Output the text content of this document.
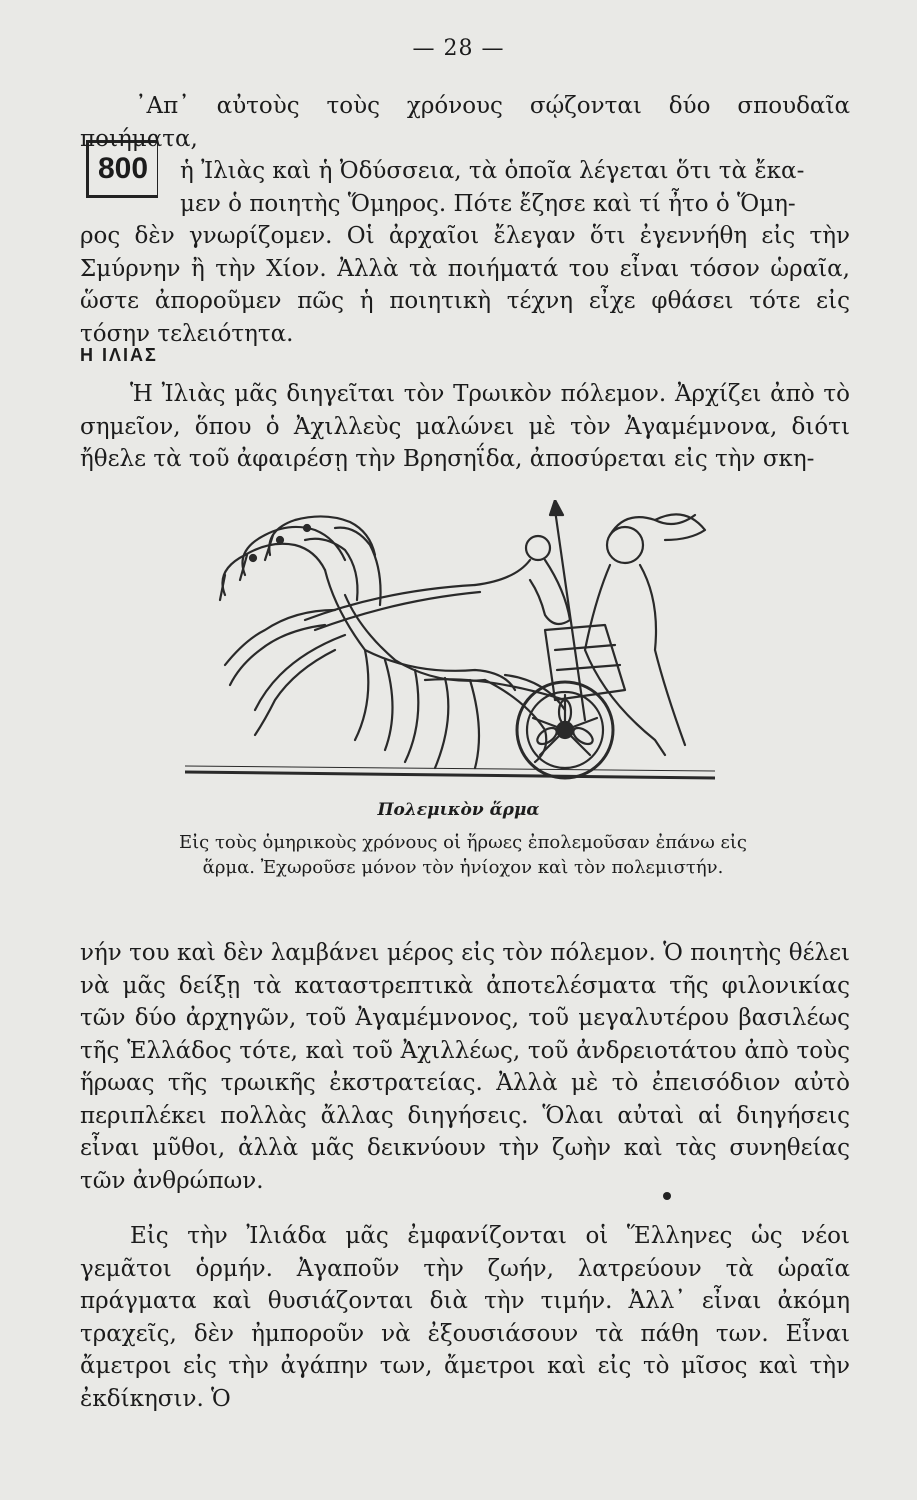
— 28 —
800

᾿Απ᾿ αὐτοὺς τοὺς χρόνους σῴζονται δύο σπουδαῖα ποιήματα,

ἡ Ἰλιὰς καὶ ἡ Ὀδύσσεια, τὰ ὁποῖα λέγεται ὅτι τὰ ἔκα-

μεν ὁ ποιητὴς Ὅμηρος. Πότε ἔζησε καὶ τί ἦτο ὁ Ὅμη-

ρος δὲν γνωρίζομεν. Οἱ ἀρχαῖοι ἔλεγαν ὅτι ἐγεννήθη εἰς τὴν Σμύρνην ἢ τὴν Χίον. Ἀλλὰ τὰ ποιήματά του εἶναι τόσον ὡραῖα, ὥστε ἀποροῦμεν πῶς ἡ ποιητικὴ τέχνη εἶχε φθάσει τότε εἰς τόσην τελειότητα.

Η ΙΛΙΑΣ

Ἡ Ἰλιὰς μᾶς διηγεῖται τὸν Τρωικὸν πόλεμον. Ἀρχίζει ἀπὸ τὸ σημεῖον, ὅπου ὁ Ἀχιλλεὺς μαλώνει μὲ τὸν Ἀγαμέμνονα, διότι ἤθελε τὰ τοῦ ἀφαιρέσῃ τὴν Βρησηΐδα, ἀποσύρεται εἰς τὴν σκη-

Πολεμικὸν ἅρμα
Εἰς τοὺς ὁμηρικοὺς χρόνους οἱ ἥρωες ἐπολεμοῦσαν ἐπάνω εἰς ἅρμα. Ἐχωροῦσε μόνον τὸν ἡνίοχον καὶ τὸν πολεμιστήν.

νήν του καὶ δὲν λαμβάνει μέρος εἰς τὸν πόλεμον. Ὁ ποιητὴς θέλει νὰ μᾶς δείξῃ τὰ καταστρεπτικὰ ἀποτελέσματα τῆς φιλονικίας τῶν δύο ἀρχηγῶν, τοῦ Ἀγαμέμνονος, τοῦ μεγαλυτέρου βασιλέως τῆς Ἑλλάδος τότε, καὶ τοῦ Ἀχιλλέως, τοῦ ἀνδρειοτάτου ἀπὸ τοὺς ἥρωας τῆς τρωικῆς ἐκστρατείας. Ἀλλὰ μὲ τὸ ἐπεισόδιον αὐτὸ περιπλέκει πολλὰς ἄλλας διηγήσεις. Ὅλαι αὐταὶ αἱ διηγήσεις εἶναι μῦθοι, ἀλλὰ μᾶς δεικνύουν τὴν ζωὴν καὶ τὰς συνηθείας τῶν ἀνθρώπων.

Εἰς τὴν Ἰλιάδα μᾶς ἐμφανίζονται οἱ Ἕλληνες ὡς νέοι γεμᾶτοι ὁρμήν. Ἀγαποῦν τὴν ζωήν, λατρεύουν τὰ ὡραῖα πράγματα καὶ θυσιάζονται διὰ τὴν τιμήν. Ἀλλ᾿ εἶναι ἀκόμη τραχεῖς, δὲν ἠμποροῦν νὰ ἐξουσιάσουν τὰ πάθη των. Εἶναι ἄμετροι εἰς τὴν ἀγάπην των, ἄμετροι καὶ εἰς τὸ μῖσος καὶ τὴν ἐκδίκησιν. Ὁ
